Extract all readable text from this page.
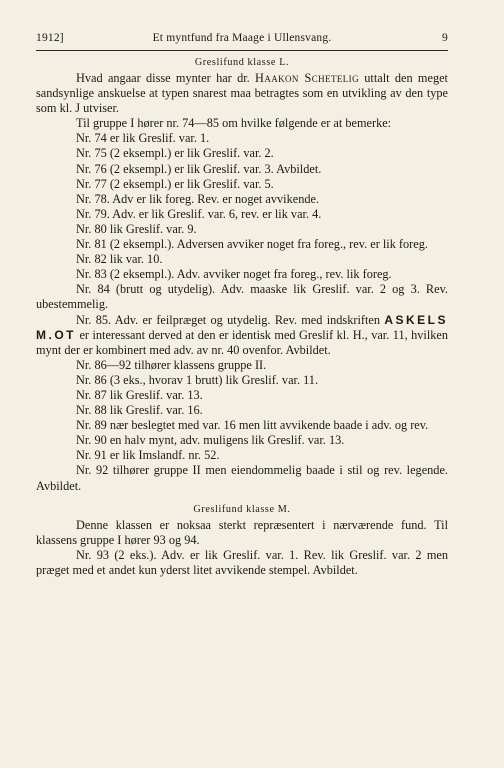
1912]	Et myntfund fra Maage i Ullensvang.	9
Greslifund klasse L.

Hvad angaar disse mynter har dr. Haakon Schetelig uttalt den meget sandsynlige anskuelse at typen snarest maa betragtes som en utvikling av den type som kl. J utviser.

Til gruppe I hører nr. 74—85 om hvilke følgende er at bemerke:

Nr. 74 er lik Greslif. var. 1.

Nr. 75 (2 eksempl.) er lik Greslif. var. 2.

Nr. 76 (2 eksempl.) er lik Greslif. var. 3. Avbildet.

Nr. 77 (2 eksempl.) er lik Greslif. var. 5.

Nr. 78. Adv er lik foreg. Rev. er noget avvikende.

Nr. 79. Adv. er lik Greslif. var. 6, rev. er lik var. 4.

Nr. 80 lik Greslif. var. 9.

Nr. 81 (2 eksempl.). Adversen avviker noget fra foreg., rev. er lik foreg.

Nr. 82 lik var. 10.

Nr. 83 (2 eksempl.). Adv. avviker noget fra foreg., rev. lik foreg.

Nr. 84 (brutt og utydelig). Adv. maaske lik Greslif. var. 2 og 3. Rev. ubestemmelig.

Nr. 85. Adv. er feilpræget og utydelig. Rev. med indskriften ASKELS M.OT er interessant derved at den er identisk med Greslif kl. H., var. 11, hvilken mynt der er kombinert med adv. av nr. 40 ovenfor. Avbildet.

Nr. 86—92 tilhører klassens gruppe II.

Nr. 86 (3 eks., hvorav 1 brutt) lik Greslif. var. 11.

Nr. 87 lik Greslif. var. 13.

Nr. 88 lik Greslif. var. 16.

Nr. 89 nær beslegtet med var. 16 men litt avvikende baade i adv. og rev.

Nr. 90 en halv mynt, adv. muligens lik Greslif. var. 13.

Nr. 91 er lik Imslandf. nr. 52.

Nr. 92 tilhører gruppe II men eiendommelig baade i stil og rev. legende. Avbildet.

Greslifund klasse M.

Denne klassen er noksaa sterkt repræsentert i nærværende fund. Til klassens gruppe I hører 93 og 94.

Nr. 93 (2 eks.). Adv. er lik Greslif. var. 1. Rev. lik Greslif. var. 2 men præget med et andet kun yderst litet avvikende stempel. Avbildet.
